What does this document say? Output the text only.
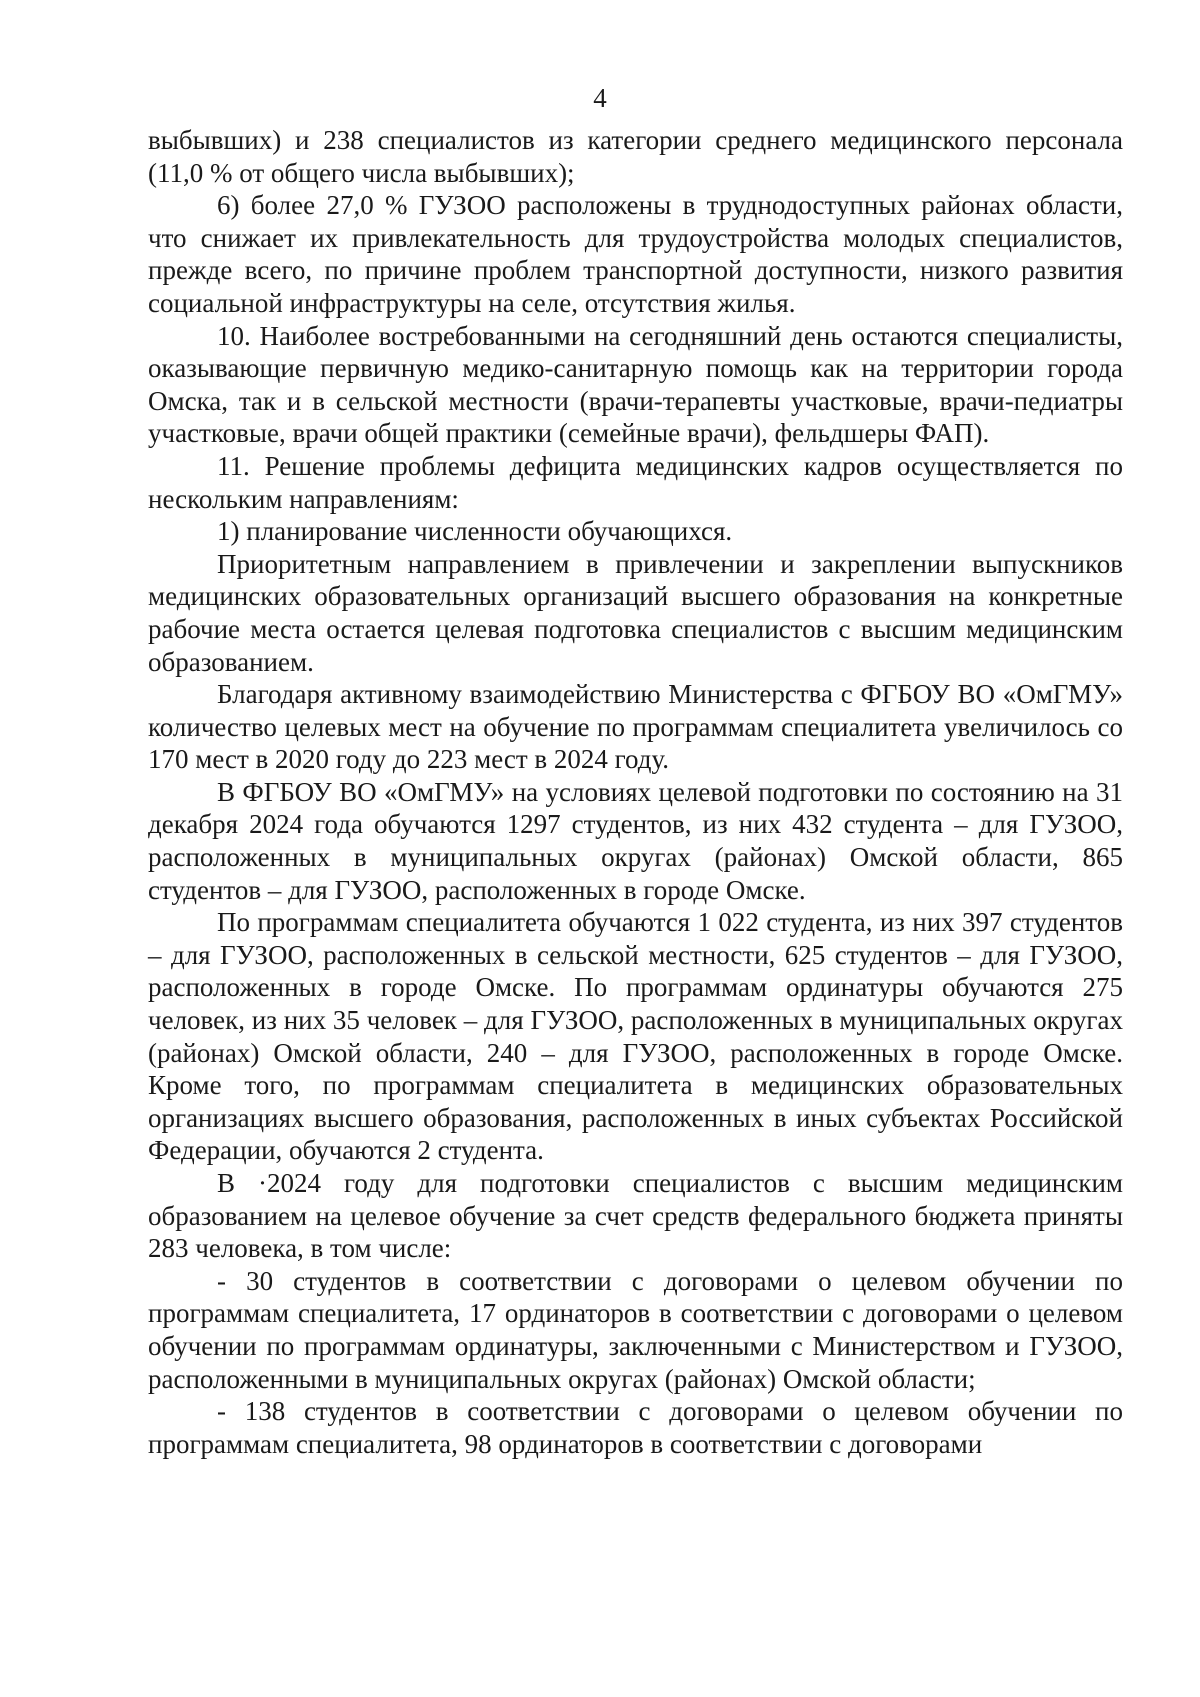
4

выбывших) и 238 специалистов из категории среднего медицинского персонала (11,0 % от общего числа выбывших);

6) более 27,0 % ГУЗОО расположены в труднодоступных районах области, что снижает их привлекательность для трудоустройства молодых специалистов, прежде всего, по причине проблем транспортной доступности, низкого развития социальной инфраструктуры на селе, отсутствия жилья.

10. Наиболее востребованными на сегодняшний день остаются специалисты, оказывающие первичную медико-санитарную помощь как на территории города Омска, так и в сельской местности (врачи-терапевты участковые, врачи-педиатры участковые, врачи общей практики (семейные врачи), фельдшеры ФАП).

11. Решение проблемы дефицита медицинских кадров осуществляется по нескольким направлениям:

1) планирование численности обучающихся.

Приоритетным направлением в привлечении и закреплении выпускников медицинских образовательных организаций высшего образования на конкретные рабочие места остается целевая подготовка специалистов с высшим медицинским образованием.

Благодаря активному взаимодействию Министерства с ФГБОУ ВО «ОмГМУ» количество целевых мест на обучение по программам специалитета увеличилось со 170 мест в 2020 году до 223 мест в 2024 году.

В ФГБОУ ВО «ОмГМУ» на условиях целевой подготовки по состоянию на 31 декабря 2024 года обучаются 1297 студентов, из них 432 студента – для ГУЗОО, расположенных в муниципальных округах (районах) Омской области, 865 студентов – для ГУЗОО, расположенных в городе Омске.

По программам специалитета обучаются 1 022 студента, из них 397 студентов – для ГУЗОО, расположенных в сельской местности, 625 студентов – для ГУЗОО, расположенных в городе Омске. По программам ординатуры обучаются 275 человек, из них 35 человек – для ГУЗОО, расположенных в муниципальных округах (районах) Омской области, 240 – для ГУЗОО, расположенных в городе Омске. Кроме того, по программам специалитета в медицинских образовательных организациях высшего образования, расположенных в иных субъектах Российской Федерации, обучаются 2 студента.

В ·2024 году для подготовки специалистов с высшим медицинским образованием на целевое обучение за счет средств федерального бюджета приняты 283 человека, в том числе:

- 30 студентов в соответствии с договорами о целевом обучении по программам специалитета, 17 ординаторов в соответствии с договорами о целевом обучении по программам ординатуры, заключенными с Министерством и ГУЗОО, расположенными в муниципальных округах (районах) Омской области;

- 138 студентов в соответствии с договорами о целевом обучении по программам специалитета, 98 ординаторов в соответствии с договорами
